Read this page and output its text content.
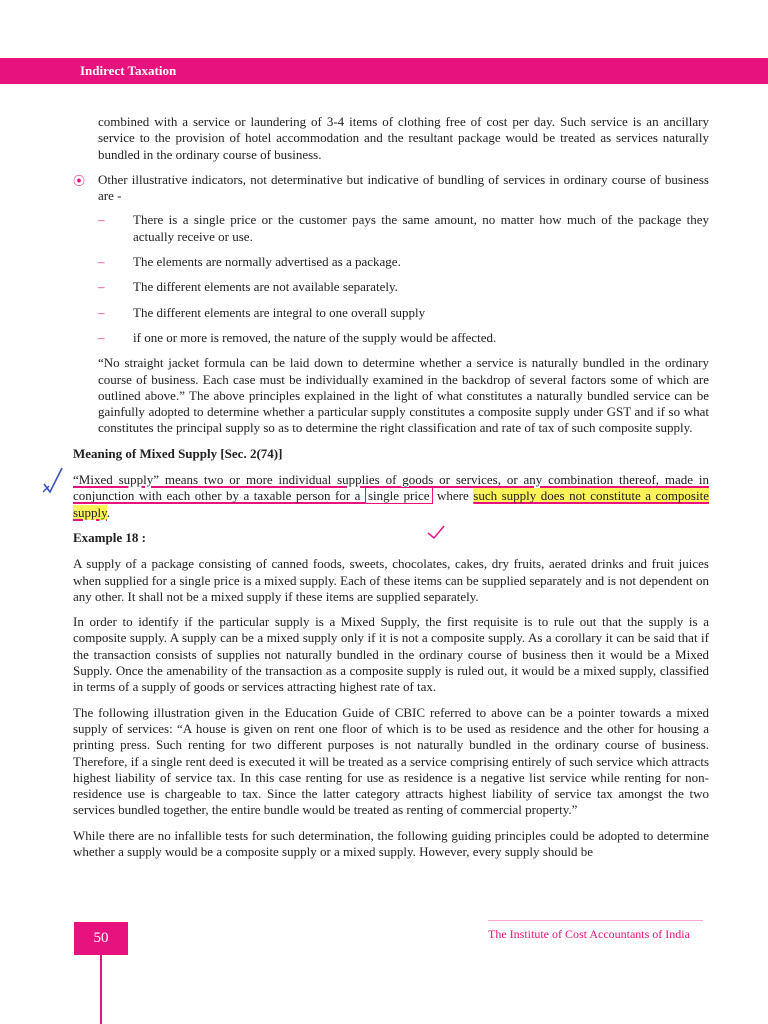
Indirect Taxation

combined with a service or laundering of 3-4 items of clothing free of cost per day. Such service is an ancillary service to the provision of hotel accommodation and the resultant package would be treated as services naturally bundled in the ordinary course of business.

⦿ Other illustrative indicators, not determinative but indicative of bundling of services in ordinary course of business are -
–	There is a single price or the customer pays the same amount, no matter how much of the package they actually receive or use.
–	The elements are normally advertised as a package.
–	The different elements are not available separately.
–	The different elements are integral to one overall supply
–	if one or more is removed, the nature of the supply would be affected.

“No straight jacket formula can be laid down to determine whether a service is naturally bundled in the ordinary course of business. Each case must be individually examined in the backdrop of several factors some of which are outlined above.” The above principles explained in the light of what constitutes a naturally bundled service can be gainfully adopted to determine whether a particular supply constitutes a composite supply under GST and if so what constitutes the principal supply so as to determine the right classification and rate of tax of such composite supply.

Meaning of Mixed Supply [Sec. 2(74)]

“Mixed supply” means two or more individual supplies of goods or services, or any combination thereof, made in conjunction with each other by a taxable person for a single price where such supply does not constitute a composite supply.

Example 18 :

A supply of a package consisting of canned foods, sweets, chocolates, cakes, dry fruits, aerated drinks and fruit juices when supplied for a single price is a mixed supply. Each of these items can be supplied separately and is not dependent on any other. It shall not be a mixed supply if these items are supplied separately.

In order to identify if the particular supply is a Mixed Supply, the first requisite is to rule out that the supply is a composite supply. A supply can be a mixed supply only if it is not a composite supply. As a corollary it can be said that if the transaction consists of supplies not naturally bundled in the ordinary course of business then it would be a Mixed Supply. Once the amenability of the transaction as a composite supply is ruled out, it would be a mixed supply, classified in terms of a supply of goods or services attracting highest rate of tax.

The following illustration given in the Education Guide of CBIC referred to above can be a pointer towards a mixed supply of services: “A house is given on rent one floor of which is to be used as residence and the other for housing a printing press. Such renting for two different purposes is not naturally bundled in the ordinary course of business. Therefore, if a single rent deed is executed it will be treated as a service comprising entirely of such service which attracts highest liability of service tax. In this case renting for use as residence is a negative list service while renting for non-residence use is chargeable to tax. Since the latter category attracts highest liability of service tax amongst the two services bundled together, the entire bundle would be treated as renting of commercial property.”

While there are no infallible tests for such determination, the following guiding principles could be adopted to determine whether a supply would be a composite supply or a mixed supply. However, every supply should be

50	The Institute of Cost Accountants of India
